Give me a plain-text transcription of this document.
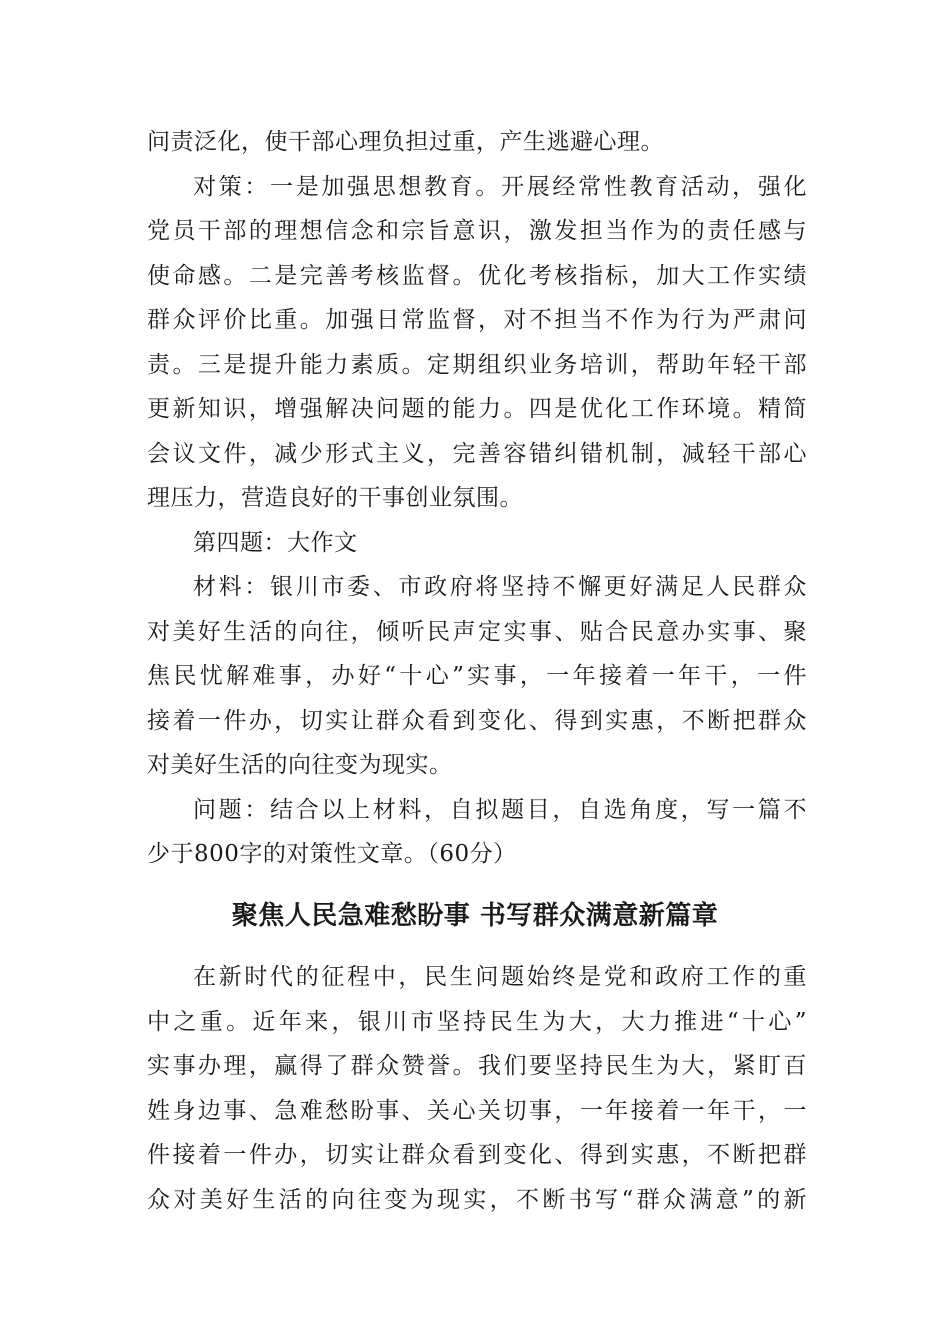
问责泛化，使干部心理负担过重，产生逃避心理。
对策：一是加强思想教育。开展经常性教育活动，强化
党员干部的理想信念和宗旨意识，激发担当作为的责任感与
使命感。二是完善考核监督。优化考核指标，加大工作实绩
群众评价比重。加强日常监督，对不担当不作为行为严肃问
责。三是提升能力素质。定期组织业务培训，帮助年轻干部
更新知识，增强解决问题的能力。四是优化工作环境。精简
会议文件，减少形式主义，完善容错纠错机制，减轻干部心
理压力，营造良好的干事创业氛围。
第四题：大作文
材料：银川市委、市政府将坚持不懈更好满足人民群众
对美好生活的向往，倾听民声定实事、贴合民意办实事、聚
焦民忧解难事，办好“十心”实事，一年接着一年干，一件
接着一件办，切实让群众看到变化、得到实惠，不断把群众
对美好生活的向往变为现实。
问题：结合以上材料，自拟题目，自选角度，写一篇不
少于800字的对策性文章。（60分）
聚焦人民急难愁盼事 书写群众满意新篇章
在新时代的征程中，民生问题始终是党和政府工作的重
中之重。近年来，银川市坚持民生为大，大力推进“十心”
实事办理，赢得了群众赞誉。我们要坚持民生为大，紧盯百
姓身边事、急难愁盼事、关心关切事，一年接着一年干，一
件接着一件办，切实让群众看到变化、得到实惠，不断把群
众对美好生活的向往变为现实，不断书写“群众满意”的新
